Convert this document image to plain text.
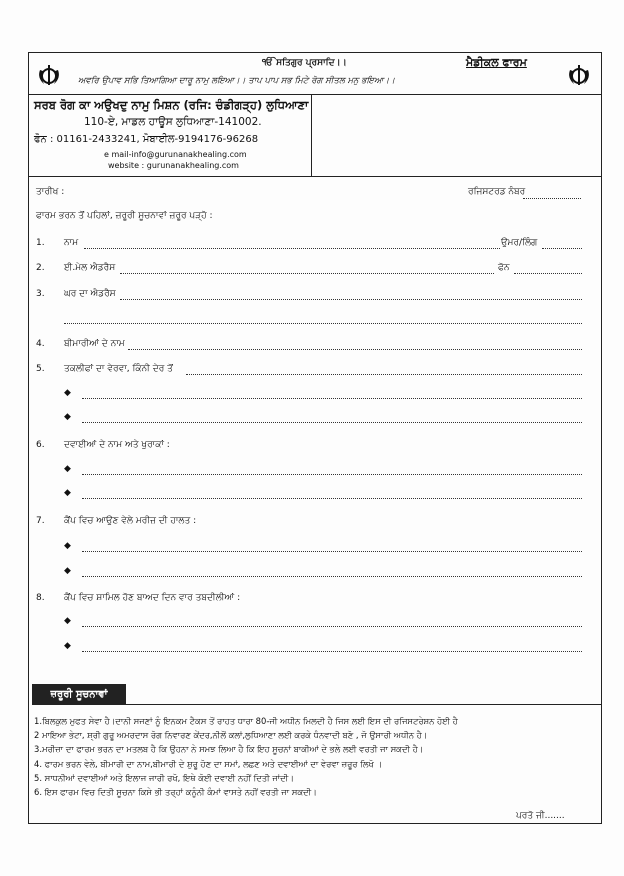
ੴ ਸਤਿਗੁਰ ਪ੍ਰਸਾਦਿ।।	ਮੈਡੀਕਲ ਫਾਰਮ
ਅਵਰਿ ਉਪਾਵ ਸਭਿ ਤਿਆਗਿਆ ਦਾਰੂ ਨਾਮੁ ਲਇਆ।। ਤਾਪ ਪਾਪ ਸਭ ਮਿਟੇ ਰੋਗ ਸੀਤਲ ਮਨੁ ਭਇਆ।।
ਸਰਬ ਰੋਗ ਕਾ ਅਉਖਦੁ ਨਾਮੁ ਮਿਸ਼ਨ (ਰਜਿ: ਚੰਡੀਗੜ੍ਹ) ਲੁਧਿਆਣਾ
110-ਏ, ਮਾਡਲ ਹਾਊਸ ਲੁਧਿਆਣਾ-141002.
ਫੋਨ : 01161-2433241, ਮੋਬਾਈਲ-9194176-96268
e mail-info@gurunanakhealing.com
website : gurunanakhealing.com
ਤਾਰੀਖ :	ਰਜਿਸਟਰਡ ਨੰਬਰ
ਫਾਰਮ ਭਰਨ ਤੋਂ ਪਹਿਲਾਂ, ਜ਼ਰੂਰੀ ਸੂਚਨਾਵਾਂ ਜ਼ਰੂਰ ਪੜ੍ਹੋ :
1. ਨਾਮ	ਉਮਰ/ਲਿੰਗ
2. ਈ.ਮੇਲ ਐਡਰੈਸ	ਫੋਨ
3. ਘਰ ਦਾ ਐਡਰੈਸ
4. ਬੀਮਾਰੀਆਂ ਦੇ ਨਾਮ
5. ਤਕਲੀਫਾਂ ਦਾ ਵੇਰਵਾ, ਕਿੰਨੀ ਦੇਰ ਤੋਂ
◆
◆
6. ਦਵਾਈਆਂ ਦੇ ਨਾਮ ਅਤੇ ਖੁਰਾਕਾਂ :
◆
◆
7. ਕੈਂਪ ਵਿਚ ਆਉਣ ਵੇਲੇ ਮਰੀਜ਼ ਦੀ ਹਾਲਤ :
◆
◆
8. ਕੈਂਪ ਵਿਚ ਸ਼ਾਮਿਲ ਹੋਣ ਬਾਅਦ ਦਿਨ ਵਾਰ ਤਬਦੀਲੀਆਂ :
◆
◆
ਜ਼ਰੂਰੀ ਸੂਚਨਾਵਾਂ
1.ਬਿਲਕੁਲ ਮੁਫਤ ਸੇਵਾ ਹੈ।ਦਾਨੀ ਸਜਣਾਂ ਨੂੰ ਇਨਕਮ ਟੈਕਸ ਤੋਂ ਰਾਹਤ ਧਾਰਾ 80-ਜੀ ਅਧੀਨ ਮਿਲਦੀ ਹੈ ਜਿਸ ਲਈ ਇਸ ਦੀ ਰਜਿਸਟਰੇਸ਼ਨ ਹੋਈ ਹੈ
2 ਮਾਇਆ ਭੇਟਾ, ਸ਼੍ਰੀ ਗੁਰੂ ਅਮਰਦਾਸ ਰੋਗ ਨਿਵਾਰਣ ਕੇਂਦਰ,ਨੀਲੋਂ ਕਲਾਂ,ਲੁਧਿਆਣਾ ਲਈ ਕਰਕੇ ਧੰਨਵਾਦੀ ਬਣੋ , ਜੋ ਉਸਾਰੀ ਅਧੀਨ ਹੈ।
3.ਮਰੀਜ਼ਾ ਦਾ ਫਾਰਮ ਭਰਨ ਦਾ ਮਤਲਬ ਹੈ ਕਿ ਉਹਨਾ ਨੇ ਸਮਝ ਲਿਆ ਹੈ ਕਿ ਇਹ ਸੂਚਨਾਂ ਬਾਕੀਆਂ ਦੇ ਭਲੇ ਲਈ ਵਰਤੀ ਜਾ ਸਕਦੀ ਹੈ।
4. ਫਾਰਮ ਭਰਨ ਵੇਲੇ, ਬੀਮਾਰੀ ਦਾ ਨਾਮ,ਬੀਮਾਰੀ ਦੇ ਸ਼ੁਰੂ ਹੋਣ ਦਾ ਸਮਾਂ, ਲਛਣ ਅਤੇ ਦਵਾਈਆਂ ਦਾ ਵੇਰਵਾ ਜ਼ਰੂਰ ਲਿਖੋ ।
5. ਸਾਧਨੀਆਂ ਦਵਾਈਆਂ ਅਤੇ ਇਲਾਜ ਜਾਰੀ ਰਖੋ, ਇਥੇ ਕੋਈ ਦਵਾਈ ਨਹੀਂ ਦਿਤੀ ਜਾਂਦੀ।
6. ਇਸ ਫਾਰਮ ਵਿਚ ਦਿਤੀ ਸੂਚਨਾ ਕਿਸੇ ਭੀ ਤਰ੍ਹਾਂ ਕਨੂੰਨੀ ਕੰਮਾਂ ਵਾਸਤੇ ਨਹੀਂ ਵਰਤੀ ਜਾ ਸਕਦੀ।
ਪਰਤੋ ਜੀ.......
